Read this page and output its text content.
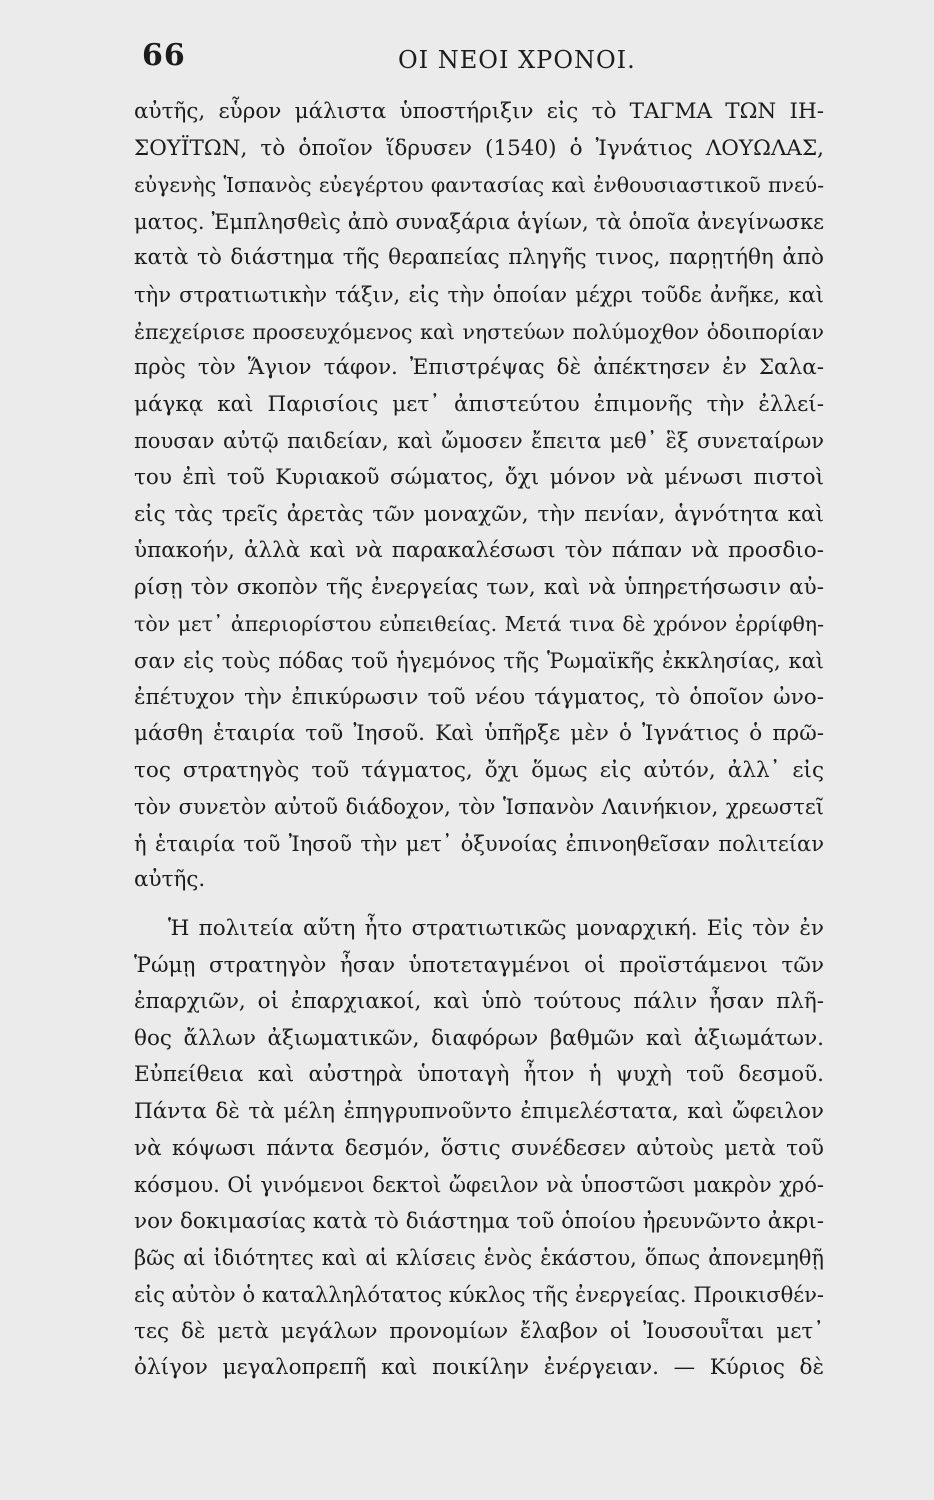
66	ΟΙ ΝΕΟΙ ΧΡΟΝΟΙ.
αὐτῆς, εὗρον μάλιστα ὑποστήριξιν εἰς τὸ ΤΑΓΜΑ ΤΩΝ ΙΗ-
ΣΟΥΪΤΩΝ, τὸ ὁποῖον ἵδρυσεν (1540) ὁ Ἰγνάτιος ΛΟΥΩΛΑΣ,
εὐγενὴς Ἱσπανὸς εὐεγέρτου φαντασίας καὶ ἐνθουσιαστικοῦ πνεύ-
ματος. Ἐμπλησθεὶς ἀπὸ συναξάρια ἁγίων, τὰ ὁποῖα ἀνεγίνωσκε
κατὰ τὸ διάστημα τῆς θεραπείας πληγῆς τινος, παρῃτήθη ἀπὸ
τὴν στρατιωτικὴν τάξιν, εἰς τὴν ὁποίαν μέχρι τοῦδε ἀνῆκε, καὶ
ἐπεχείρισε προσευχόμενος καὶ νηστεύων πολύμοχθον ὁδοιπορίαν
πρὸς τὸν Ἅγιον τάφον. Ἐπιστρέψας δὲ ἀπέκτησεν ἐν Σαλα-
μάγκᾳ καὶ Παρισίοις μετ᾽ ἀπιστεύτου ἐπιμονῆς τὴν ἐλλεί-
πουσαν αὐτῷ παιδείαν, καὶ ὤμοσεν ἔπειτα μεθ᾽ ἓξ συνεταίρων
του ἐπὶ τοῦ Κυριακοῦ σώματος, ὄχι μόνον νὰ μένωσι πιστοὶ
εἰς τὰς τρεῖς ἀρετὰς τῶν μοναχῶν, τὴν πενίαν, ἁγνότητα καὶ
ὑπακοήν, ἀλλὰ καὶ νὰ παρακαλέσωσι τὸν πάπαν νὰ προσδιο-
ρίσῃ τὸν σκοπὸν τῆς ἐνεργείας των, καὶ νὰ ὑπηρετήσωσιν αὐ-
τὸν μετ᾽ ἀπεριορίστου εὐπειθείας. Μετά τινα δὲ χρόνον ἐρρίφθη-
σαν εἰς τοὺς πόδας τοῦ ἡγεμόνος τῆς Ῥωμαϊκῆς ἐκκλησίας, καὶ
ἐπέτυχον τὴν ἐπικύρωσιν τοῦ νέου τάγματος, τὸ ὁποῖον ὠνο-
μάσθη ἑταιρία τοῦ Ἰησοῦ. Καὶ ὑπῆρξε μὲν ὁ Ἰγνάτιος ὁ πρῶ-
τος στρατηγὸς τοῦ τάγματος, ὄχι ὅμως εἰς αὐτόν, ἀλλ᾽ εἰς
τὸν συνετὸν αὐτοῦ διάδοχον, τὸν Ἱσπανὸν Λαινήκιον, χρεωστεῖ
ἡ ἑταιρία τοῦ Ἰησοῦ τὴν μετ᾽ ὀξυνοίας ἐπινοηθεῖσαν πολιτείαν
αὐτῆς.
Ἡ πολιτεία αὕτη ἦτο στρατιωτικῶς μοναρχική. Εἰς τὸν ἐν
Ῥώμῃ στρατηγὸν ἦσαν ὑποτεταγμένοι οἱ προϊστάμενοι τῶν
ἐπαρχιῶν, οἱ ἐπαρχιακοί, καὶ ὑπὸ τούτους πάλιν ἦσαν πλῆ-
θος ἄλλων ἀξιωματικῶν, διαφόρων βαθμῶν καὶ ἀξιωμάτων.
Εὐπείθεια καὶ αὐστηρὰ ὑποταγὴ ἦτον ἡ ψυχὴ τοῦ δεσμοῦ.
Πάντα δὲ τὰ μέλη ἐπηγρυπνοῦντο ἐπιμελέστατα, καὶ ὤφειλον
νὰ κόψωσι πάντα δεσμόν, ὅστις συνέδεσεν αὐτοὺς μετὰ τοῦ
κόσμου. Οἱ γινόμενοι δεκτοὶ ὤφειλον νὰ ὑποστῶσι μακρὸν χρό-
νον δοκιμασίας κατὰ τὸ διάστημα τοῦ ὁποίου ἠρευνῶντο ἀκρι-
βῶς αἱ ἰδιότητες καὶ αἱ κλίσεις ἑνὸς ἑκάστου, ὅπως ἀπονεμηθῇ
εἰς αὐτὸν ὁ καταλληλότατος κύκλος τῆς ἐνεργείας. Προικισθέν-
τες δὲ μετὰ μεγάλων προνομίων ἔλαβον οἱ Ἰουσουῗται μετ᾽
ὀλίγον μεγαλοπρεπῆ καὶ ποικίλην ἐνέργειαν. — Κύριος δὲ
